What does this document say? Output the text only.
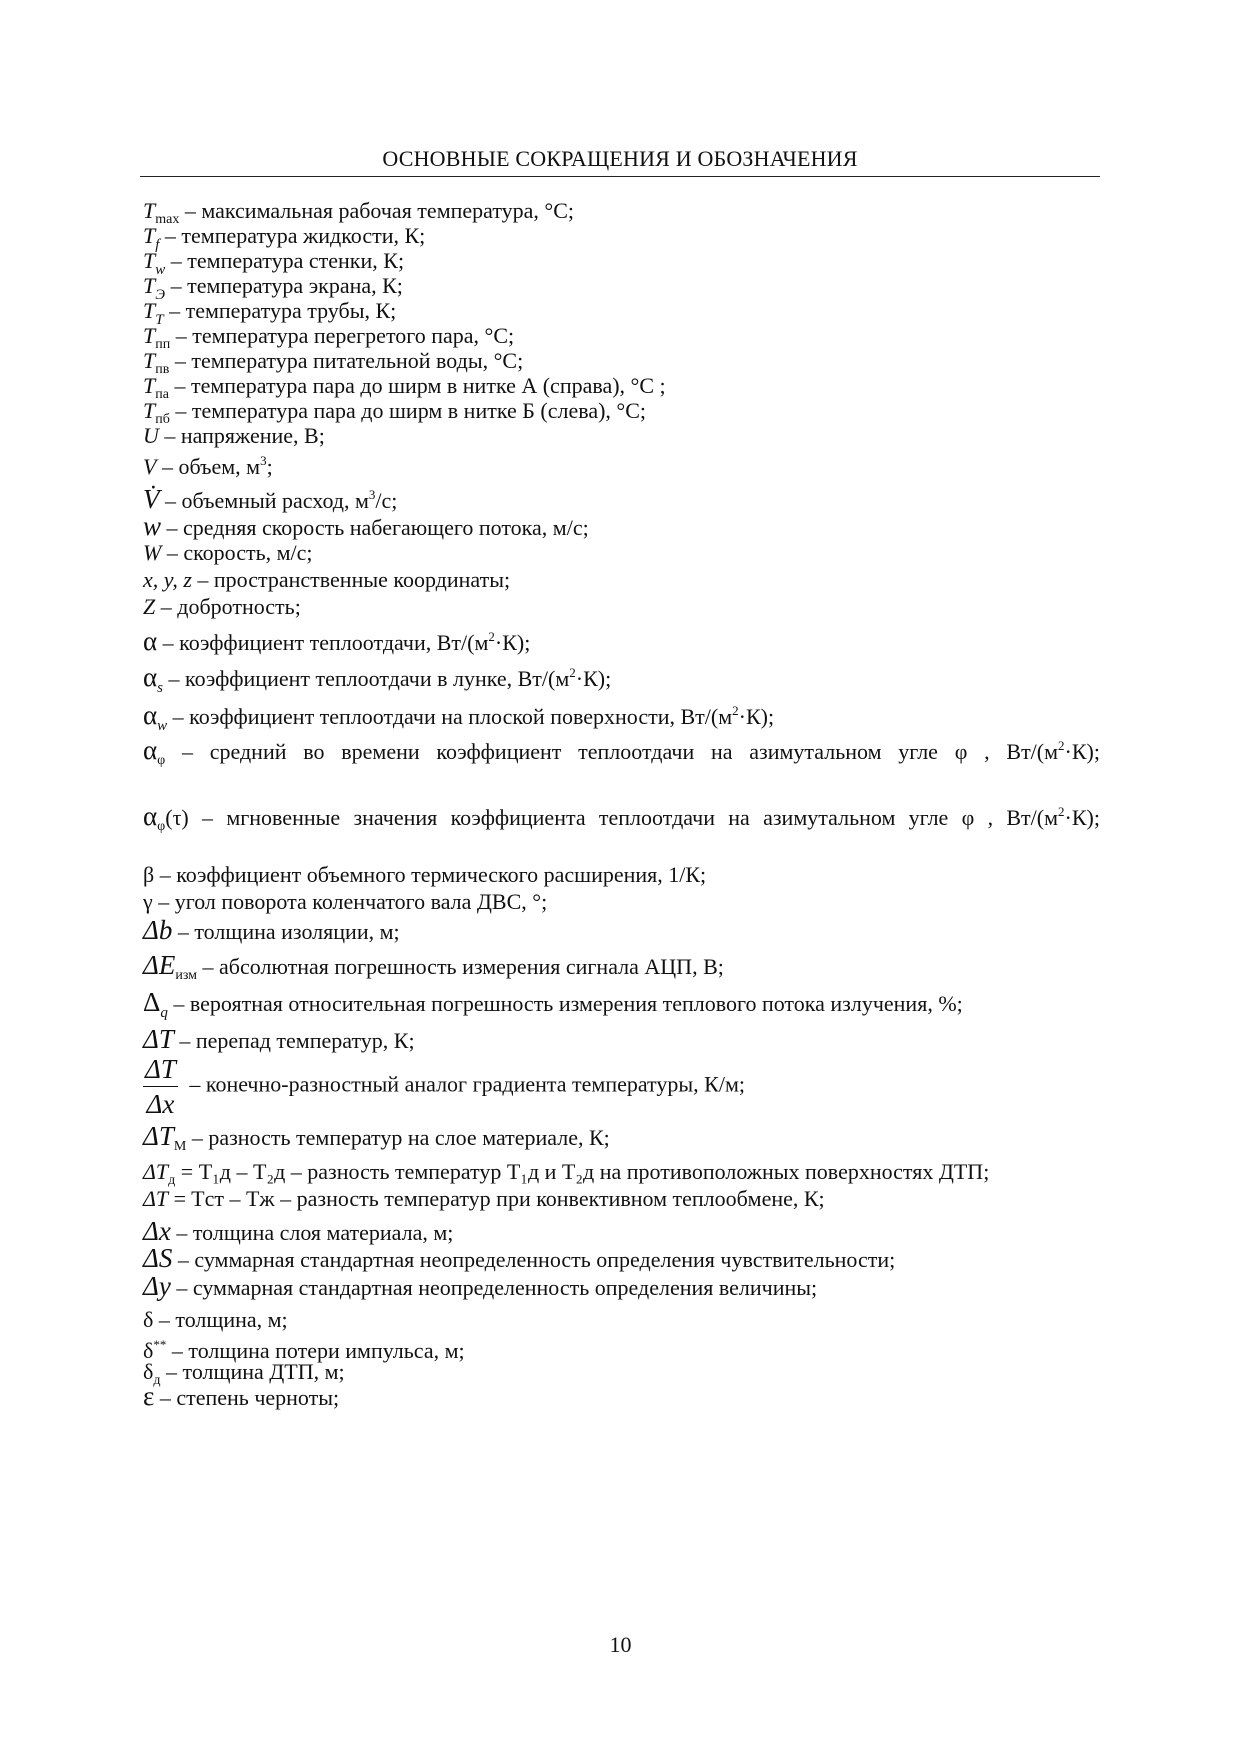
ОСНОВНЫЕ СОКРАЩЕНИЯ И ОБОЗНАЧЕНИЯ
$T_{max}$ – максимальная рабочая температура, °С;
$T_f$ – температура жидкости, К;
$T_w$ – температура стенки, К;
$T_Э$ – температура экрана, К;
$T_T$ – температура трубы, К;
$T_{пп}$ – температура перегретого пара, °С;
$T_{пв}$ – температура питательной воды, °С;
$T_{па}$ – температура пара до ширм в нитке А (справа), °С ;
$T_{пб}$ – температура пара до ширм в нитке Б (слева), °С;
U – напряжение, В;
V – объем, $м^3$;
V̇ – объемный расход, $м^3/с$;
w – средняя скорость набегающего потока, м/с;
W – скорость, м/с;
x, y, z – пространственные координаты;
Z – добротность;
α – коэффициент теплоотдачи, $Вт/(м^2\cdot К)$;
$\alpha_s$ – коэффициент теплоотдачи в лунке, $Вт/(м^2\cdot К)$;
$\alpha_w$ – коэффициент теплоотдачи на плоской поверхности, $Вт/(м^2\cdot К)$;
$\alpha_\varphi$ – средний во времени коэффициент теплоотдачи на азимутальном угле φ , $Вт/(м^2\cdot К)$;
$\alpha_\varphi(\tau)$ – мгновенные значения коэффициента теплоотдачи на азимутальном угле φ , $Вт/(м^2\cdot К)$;
β – коэффициент объемного термического расширения, 1/К;
γ – угол поворота коленчатого вала ДВС, °;
Δb – толщина изоляции, м;
$\Delta E_{изм}$ – абсолютная погрешность измерения сигнала АЦП, В;
$\Delta_q$ – вероятная относительная погрешность измерения теплового потока излучения, %;
ΔT – перепад температур, К;
$\frac{\Delta T}{\Delta x}$ – конечно-разностный аналог градиента температуры, К/м;
$\Delta T_M$ – разность температур на слое материале, К;
$\Delta T_д = T_1д - T_2д$ – разность температур T₁д и T₂д на противоположных поверхностях ДТП;
ΔT = Tст – Tж – разность температур при конвективном теплообмене, К;
Δx – толщина слоя материала, м;
ΔS – суммарная стандартная неопределенность определения чувствительности;
Δy – суммарная стандартная неопределенность определения величины;
δ – толщина, м;
δ** – толщина потери импульса, м;
$\delta_д$ – толщина ДТП, м;
ε – степень черноты;
10
